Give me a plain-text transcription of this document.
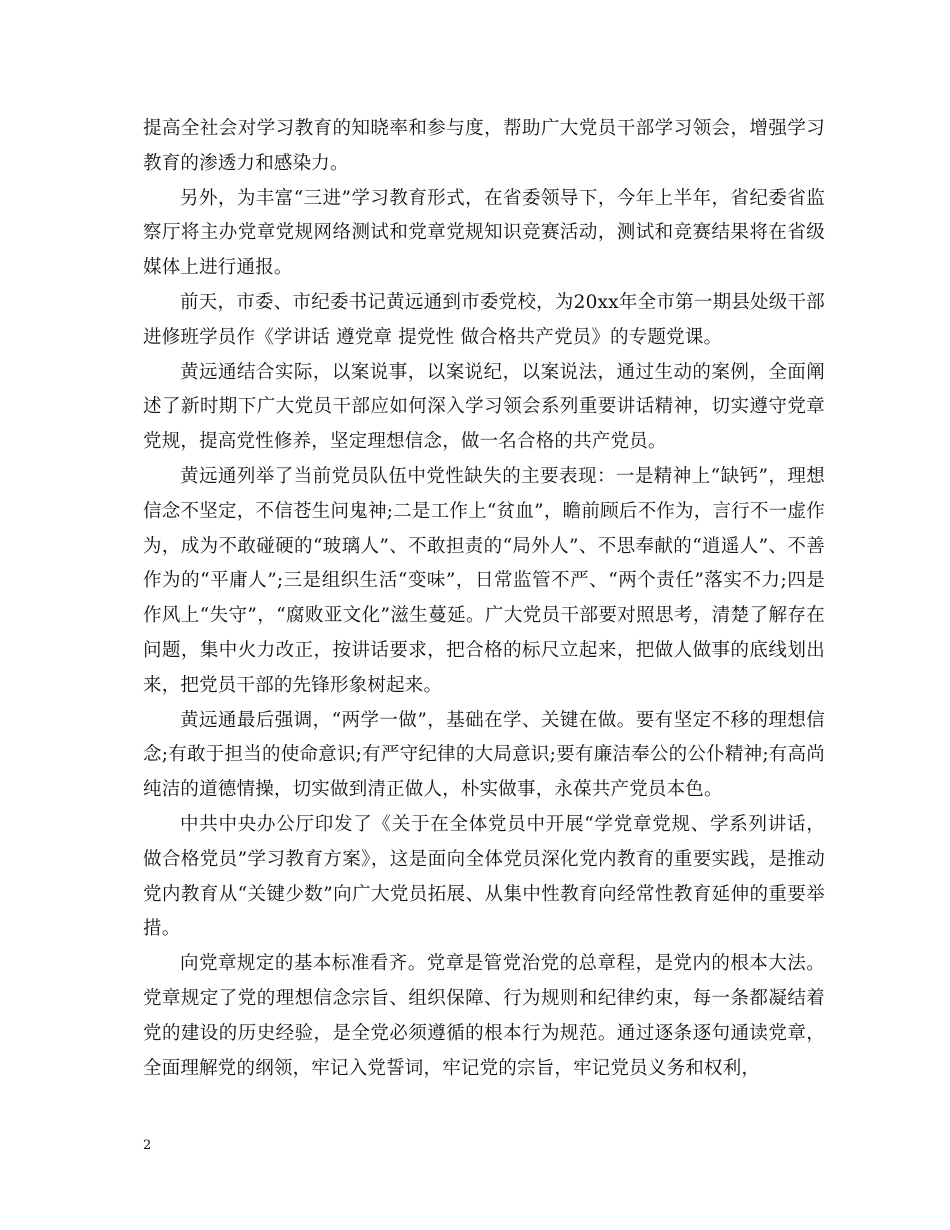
提高全社会对学习教育的知晓率和参与度，帮助广大党员干部学习领会，增强学习教育的渗透力和感染力。

另外，为丰富“三进”学习教育形式，在省委领导下，今年上半年，省纪委省监察厅将主办党章党规网络测试和党章党规知识竞赛活动，测试和竞赛结果将在省级媒体上进行通报。

前天，市委、市纪委书记黄远通到市委党校，为20xx年全市第一期县处级干部进修班学员作《学讲话 遵党章 提党性 做合格共产党员》的专题党课。

黄远通结合实际，以案说事，以案说纪，以案说法，通过生动的案例，全面阐述了新时期下广大党员干部应如何深入学习领会系列重要讲话精神，切实遵守党章党规，提高党性修养，坚定理想信念，做一名合格的共产党员。

黄远通列举了当前党员队伍中党性缺失的主要表现：一是精神上“缺钙”，理想信念不坚定，不信苍生问鬼神;二是工作上“贫血”，瞻前顾后不作为，言行不一虚作为，成为不敢碰硬的“玻璃人”、不敢担责的“局外人”、不思奉献的“逍遥人”、不善作为的“平庸人”;三是组织生活“变味”，日常监管不严、“两个责任”落实不力;四是作风上“失守”，“腐败亚文化”滋生蔓延。广大党员干部要对照思考，清楚了解存在问题，集中火力改正，按讲话要求，把合格的标尺立起来，把做人做事的底线划出来，把党员干部的先锋形象树起来。

黄远通最后强调，“两学一做”，基础在学、关键在做。要有坚定不移的理想信念;有敢于担当的使命意识;有严守纪律的大局意识;要有廉洁奉公的公仆精神;有高尚纯洁的道德情操，切实做到清正做人，朴实做事，永葆共产党员本色。

中共中央办公厅印发了《关于在全体党员中开展“学党章党规、学系列讲话，做合格党员”学习教育方案》，这是面向全体党员深化党内教育的重要实践，是推动党内教育从“关键少数”向广大党员拓展、从集中性教育向经常性教育延伸的重要举措。

向党章规定的基本标准看齐。党章是管党治党的总章程，是党内的根本大法。党章规定了党的理想信念宗旨、组织保障、行为规则和纪律约束，每一条都凝结着党的建设的历史经验，是全党必须遵循的根本行为规范。通过逐条逐句通读党章，全面理解党的纲领，牢记入党誓词，牢记党的宗旨，牢记党员义务和权利，

2
